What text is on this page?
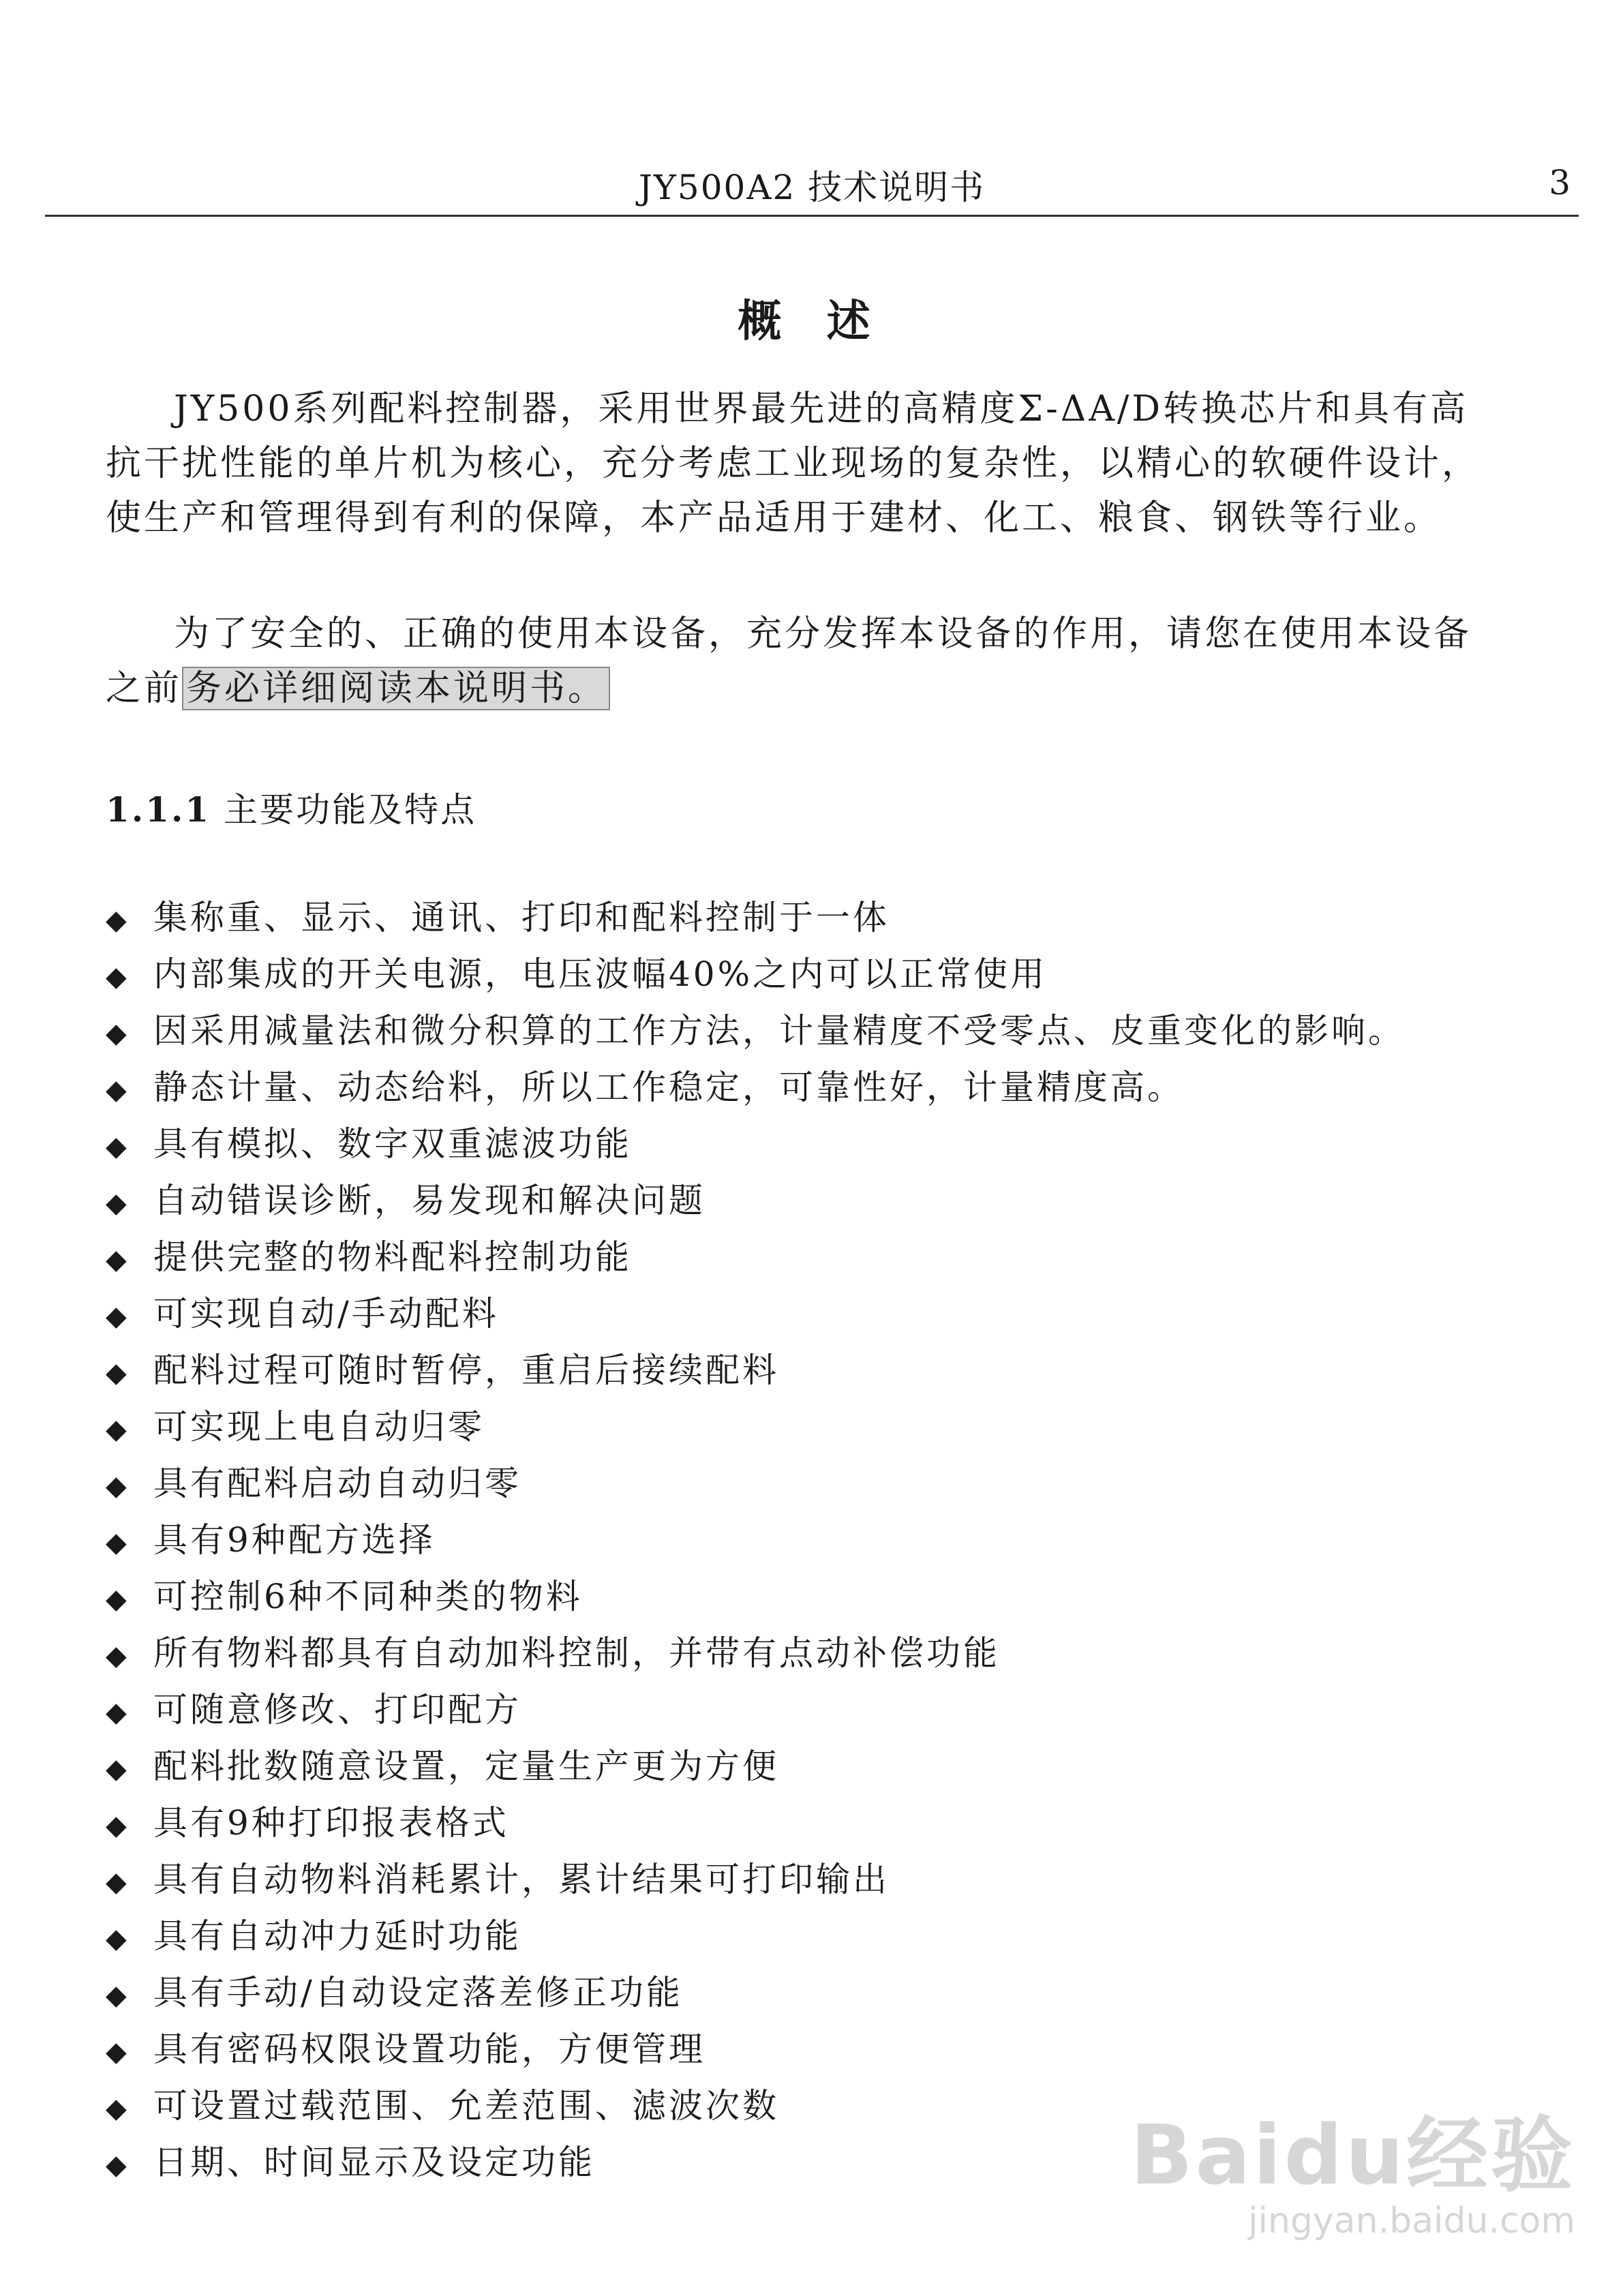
JY500A2 技术说明书	3
概 述
JY500系列配料控制器，采用世界最先进的高精度Σ-ΔA/D转换芯片和具有高
抗干扰性能的单片机为核心，充分考虑工业现场的复杂性，以精心的软硬件设计，
使生产和管理得到有利的保障，本产品适用于建材、化工、粮食、钢铁等行业。
为了安全的、正确的使用本设备，充分发挥本设备的作用，请您在使用本设备
之前 务必详细阅读本说明书。
1.1.1 主要功能及特点
◆ 集称重、显示、通讯、打印和配料控制于一体
◆ 内部集成的开关电源，电压波幅40%之内可以正常使用
◆ 因采用减量法和微分积算的工作方法，计量精度不受零点、皮重变化的影响。
◆ 静态计量、动态给料，所以工作稳定，可靠性好，计量精度高。
◆ 具有模拟、数字双重滤波功能
◆ 自动错误诊断，易发现和解决问题
◆ 提供完整的物料配料控制功能
◆ 可实现自动/手动配料
◆ 配料过程可随时暂停，重启后接续配料
◆ 可实现上电自动归零
◆ 具有配料启动自动归零
◆ 具有9种配方选择
◆ 可控制6种不同种类的物料
◆ 所有物料都具有自动加料控制，并带有点动补偿功能
◆ 可随意修改、打印配方
◆ 配料批数随意设置，定量生产更为方便
◆ 具有9种打印报表格式
◆ 具有自动物料消耗累计，累计结果可打印输出
◆ 具有自动冲力延时功能
◆ 具有手动/自动设定落差修正功能
◆ 具有密码权限设置功能，方便管理
◆ 可设置过载范围、允差范围、滤波次数
◆ 日期、时间显示及设定功能	Baidu经验
jingyan.baidu.com
